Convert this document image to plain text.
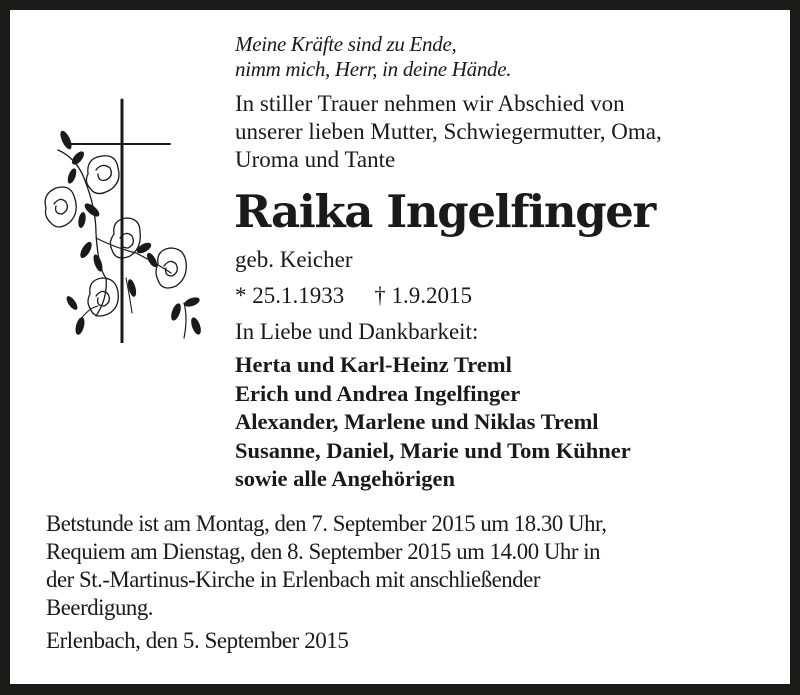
Meine Kräfte sind zu Ende,
nimm mich, Herr, in deine Hände.
In stiller Trauer nehmen wir Abschied von
unserer lieben Mutter, Schwiegermutter, Oma,
Uroma und Tante
Raika Ingelfinger
geb. Keicher
* 25.1.1933 † 1.9.2015
In Liebe und Dankbarkeit:
Herta und Karl-Heinz Treml
Erich und Andrea Ingelfinger
Alexander, Marlene und Niklas Treml
Susanne, Daniel, Marie und Tom Kühner
sowie alle Angehörigen
Betstunde ist am Montag, den 7. September 2015 um 18.30 Uhr,
Requiem am Dienstag, den 8. September 2015 um 14.00 Uhr in
der St.-Martinus-Kirche in Erlenbach mit anschließender
Beerdigung.
Erlenbach, den 5. September 2015
